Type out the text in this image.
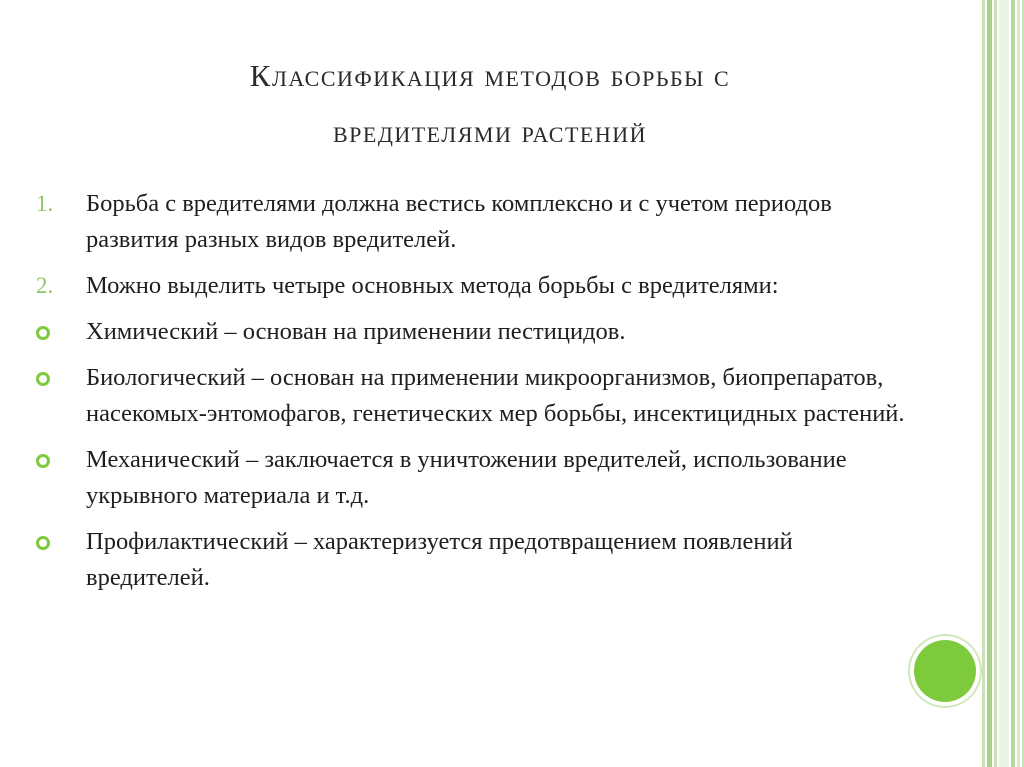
Классификация методов борьбы с
вредителями растений
1. Борьба с вредителями должна вестись комплексно и с учетом периодов развития разных видов вредителей.
2. Можно выделить четыре основных метода борьбы с вредителями:
Химический – основан на применении пестицидов.
Биологический – основан на применении микроорганизмов, биопрепаратов, насекомых-энтомофагов, генетических мер борьбы, инсектицидных растений.
Механический – заключается в уничтожении вредителей, использование укрывного материала и т.д.
Профилактический – характеризуется предотвращением появлений вредителей.
